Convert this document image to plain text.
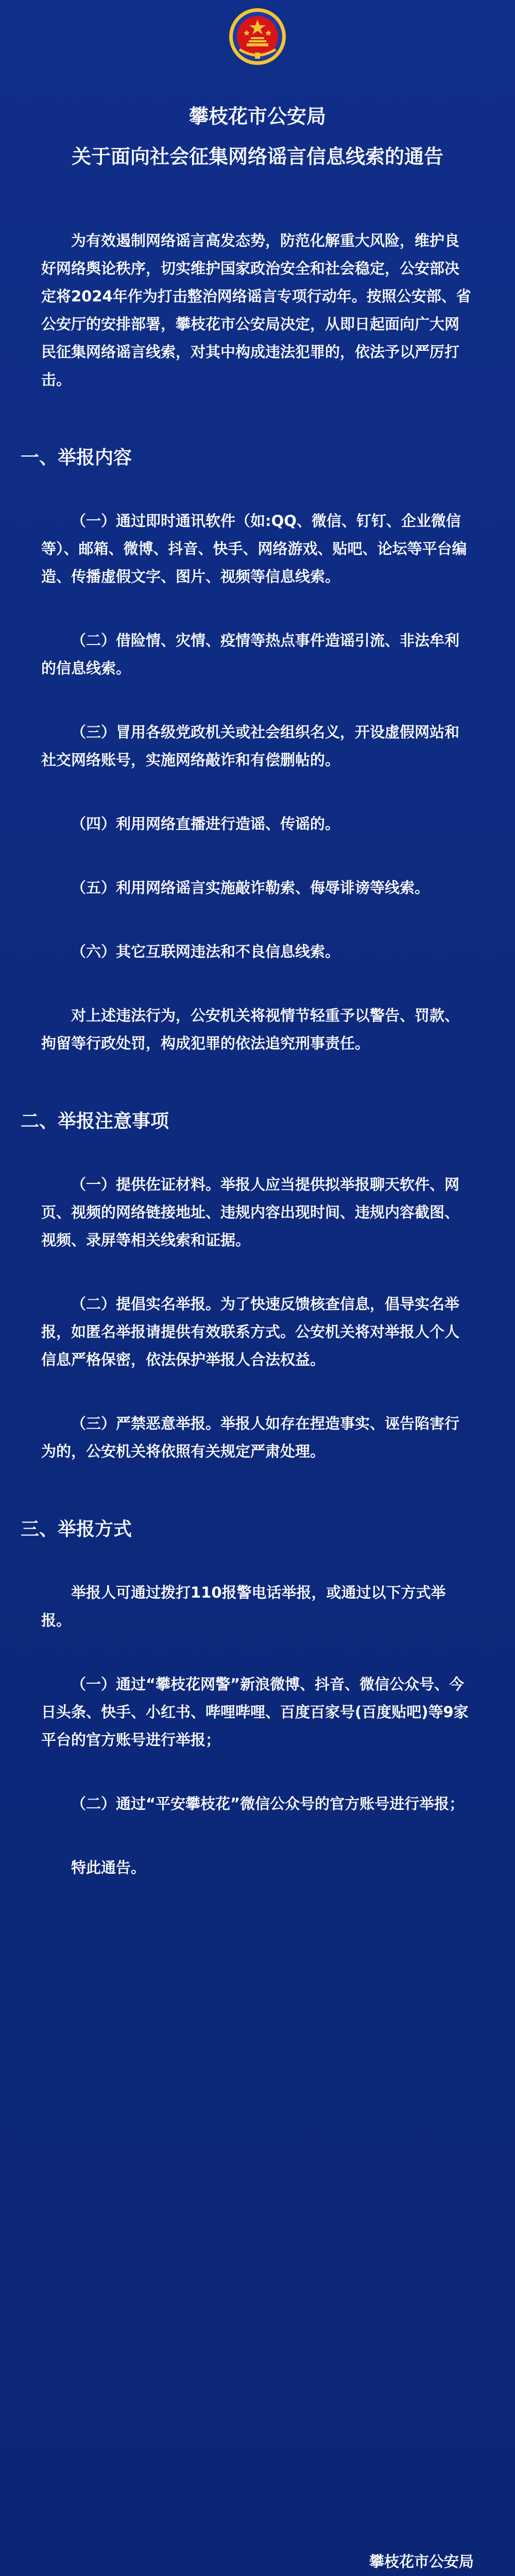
攀枝花市公安局
关于面向社会征集网络谣言信息线索的通告

为有效遏制网络谣言高发态势，防范化解重大风险，维护良好网络舆论秩序，切实维护国家政治安全和社会稳定，公安部决定将2024年作为打击整治网络谣言专项行动年。按照公安部、省公安厅的安排部署，攀枝花市公安局决定，从即日起面向广大网民征集网络谣言线索，对其中构成违法犯罪的，依法予以严厉打击。

一、举报内容

（一）通过即时通讯软件（如:QQ、微信、钉钉、企业微信等）、邮箱、微博、抖音、快手、网络游戏、贴吧、论坛等平台编造、传播虚假文字、图片、视频等信息线索。

（二）借险情、灾情、疫情等热点事件造谣引流、非法牟利的信息线索。

（三）冒用各级党政机关或社会组织名义，开设虚假网站和社交网络账号，实施网络敲诈和有偿删帖的。

（四）利用网络直播进行造谣、传谣的。

（五）利用网络谣言实施敲诈勒索、侮辱诽谤等线索。

（六）其它互联网违法和不良信息线索。

对上述违法行为，公安机关将视情节轻重予以警告、罚款、拘留等行政处罚，构成犯罪的依法追究刑事责任。

二、举报注意事项

（一）提供佐证材料。举报人应当提供拟举报聊天软件、网页、视频的网络链接地址、违规内容出现时间、违规内容截图、视频、录屏等相关线索和证据。

（二）提倡实名举报。为了快速反馈核查信息，倡导实名举报，如匿名举报请提供有效联系方式。公安机关将对举报人个人信息严格保密，依法保护举报人合法权益。

（三）严禁恶意举报。举报人如存在捏造事实、诬告陷害行为的，公安机关将依照有关规定严肃处理。

三、举报方式

举报人可通过拨打110报警电话举报，或通过以下方式举报。

（一）通过“攀枝花网警”新浪微博、抖音、微信公众号、今日头条、快手、小红书、哔哩哔哩、百度百家号(百度贴吧)等9家平台的官方账号进行举报；

（二）通过“平安攀枝花”微信公众号的官方账号进行举报；

特此通告。

攀枝花市公安局
